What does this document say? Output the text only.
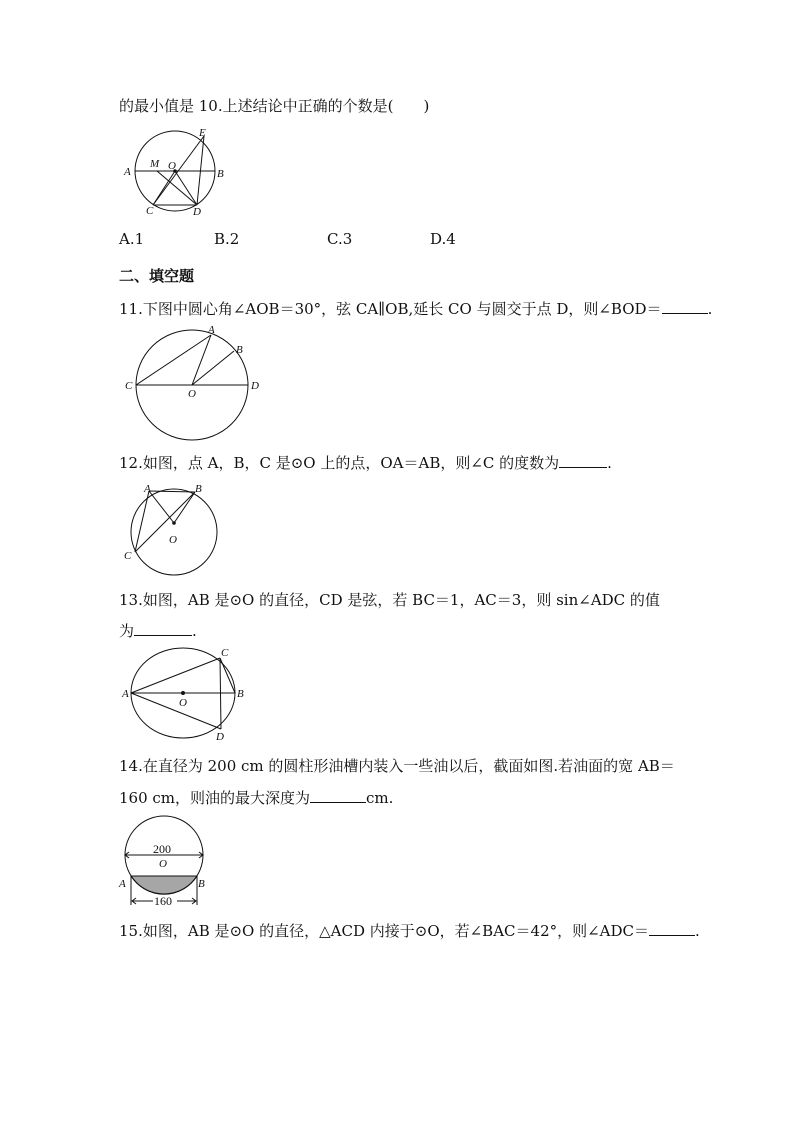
的最小值是 10.上述结论中正确的个数是(　　)
A	B
C	D
E
M O
A.1	B.2	C.3	D.4
二、填空题
11.下图中圆心角∠AOB＝30°，弦 CA∥OB,延长 CO 与圆交于点 D，则∠BOD＝	.
C	D
A
B
O
12.如图，点 A，B，C 是⊙O 上的点，OA＝AB，则∠C 的度数为	.
A	B
C
O
13.如图，AB 是⊙O 的直径，CD 是弦，若 BC＝1，AC＝3，则 sin∠ADC 的值
为	.
A	B
C
D
O
14.在直径为 200 cm 的圆柱形油槽内装入一些油以后，截面如图.若油面的宽 AB＝
160 cm，则油的最大深度为	cm.
200
O
A	B
160
15.如图，AB 是⊙O 的直径，△ACD 内接于⊙O，若∠BAC＝42°，则∠ADC＝	.
